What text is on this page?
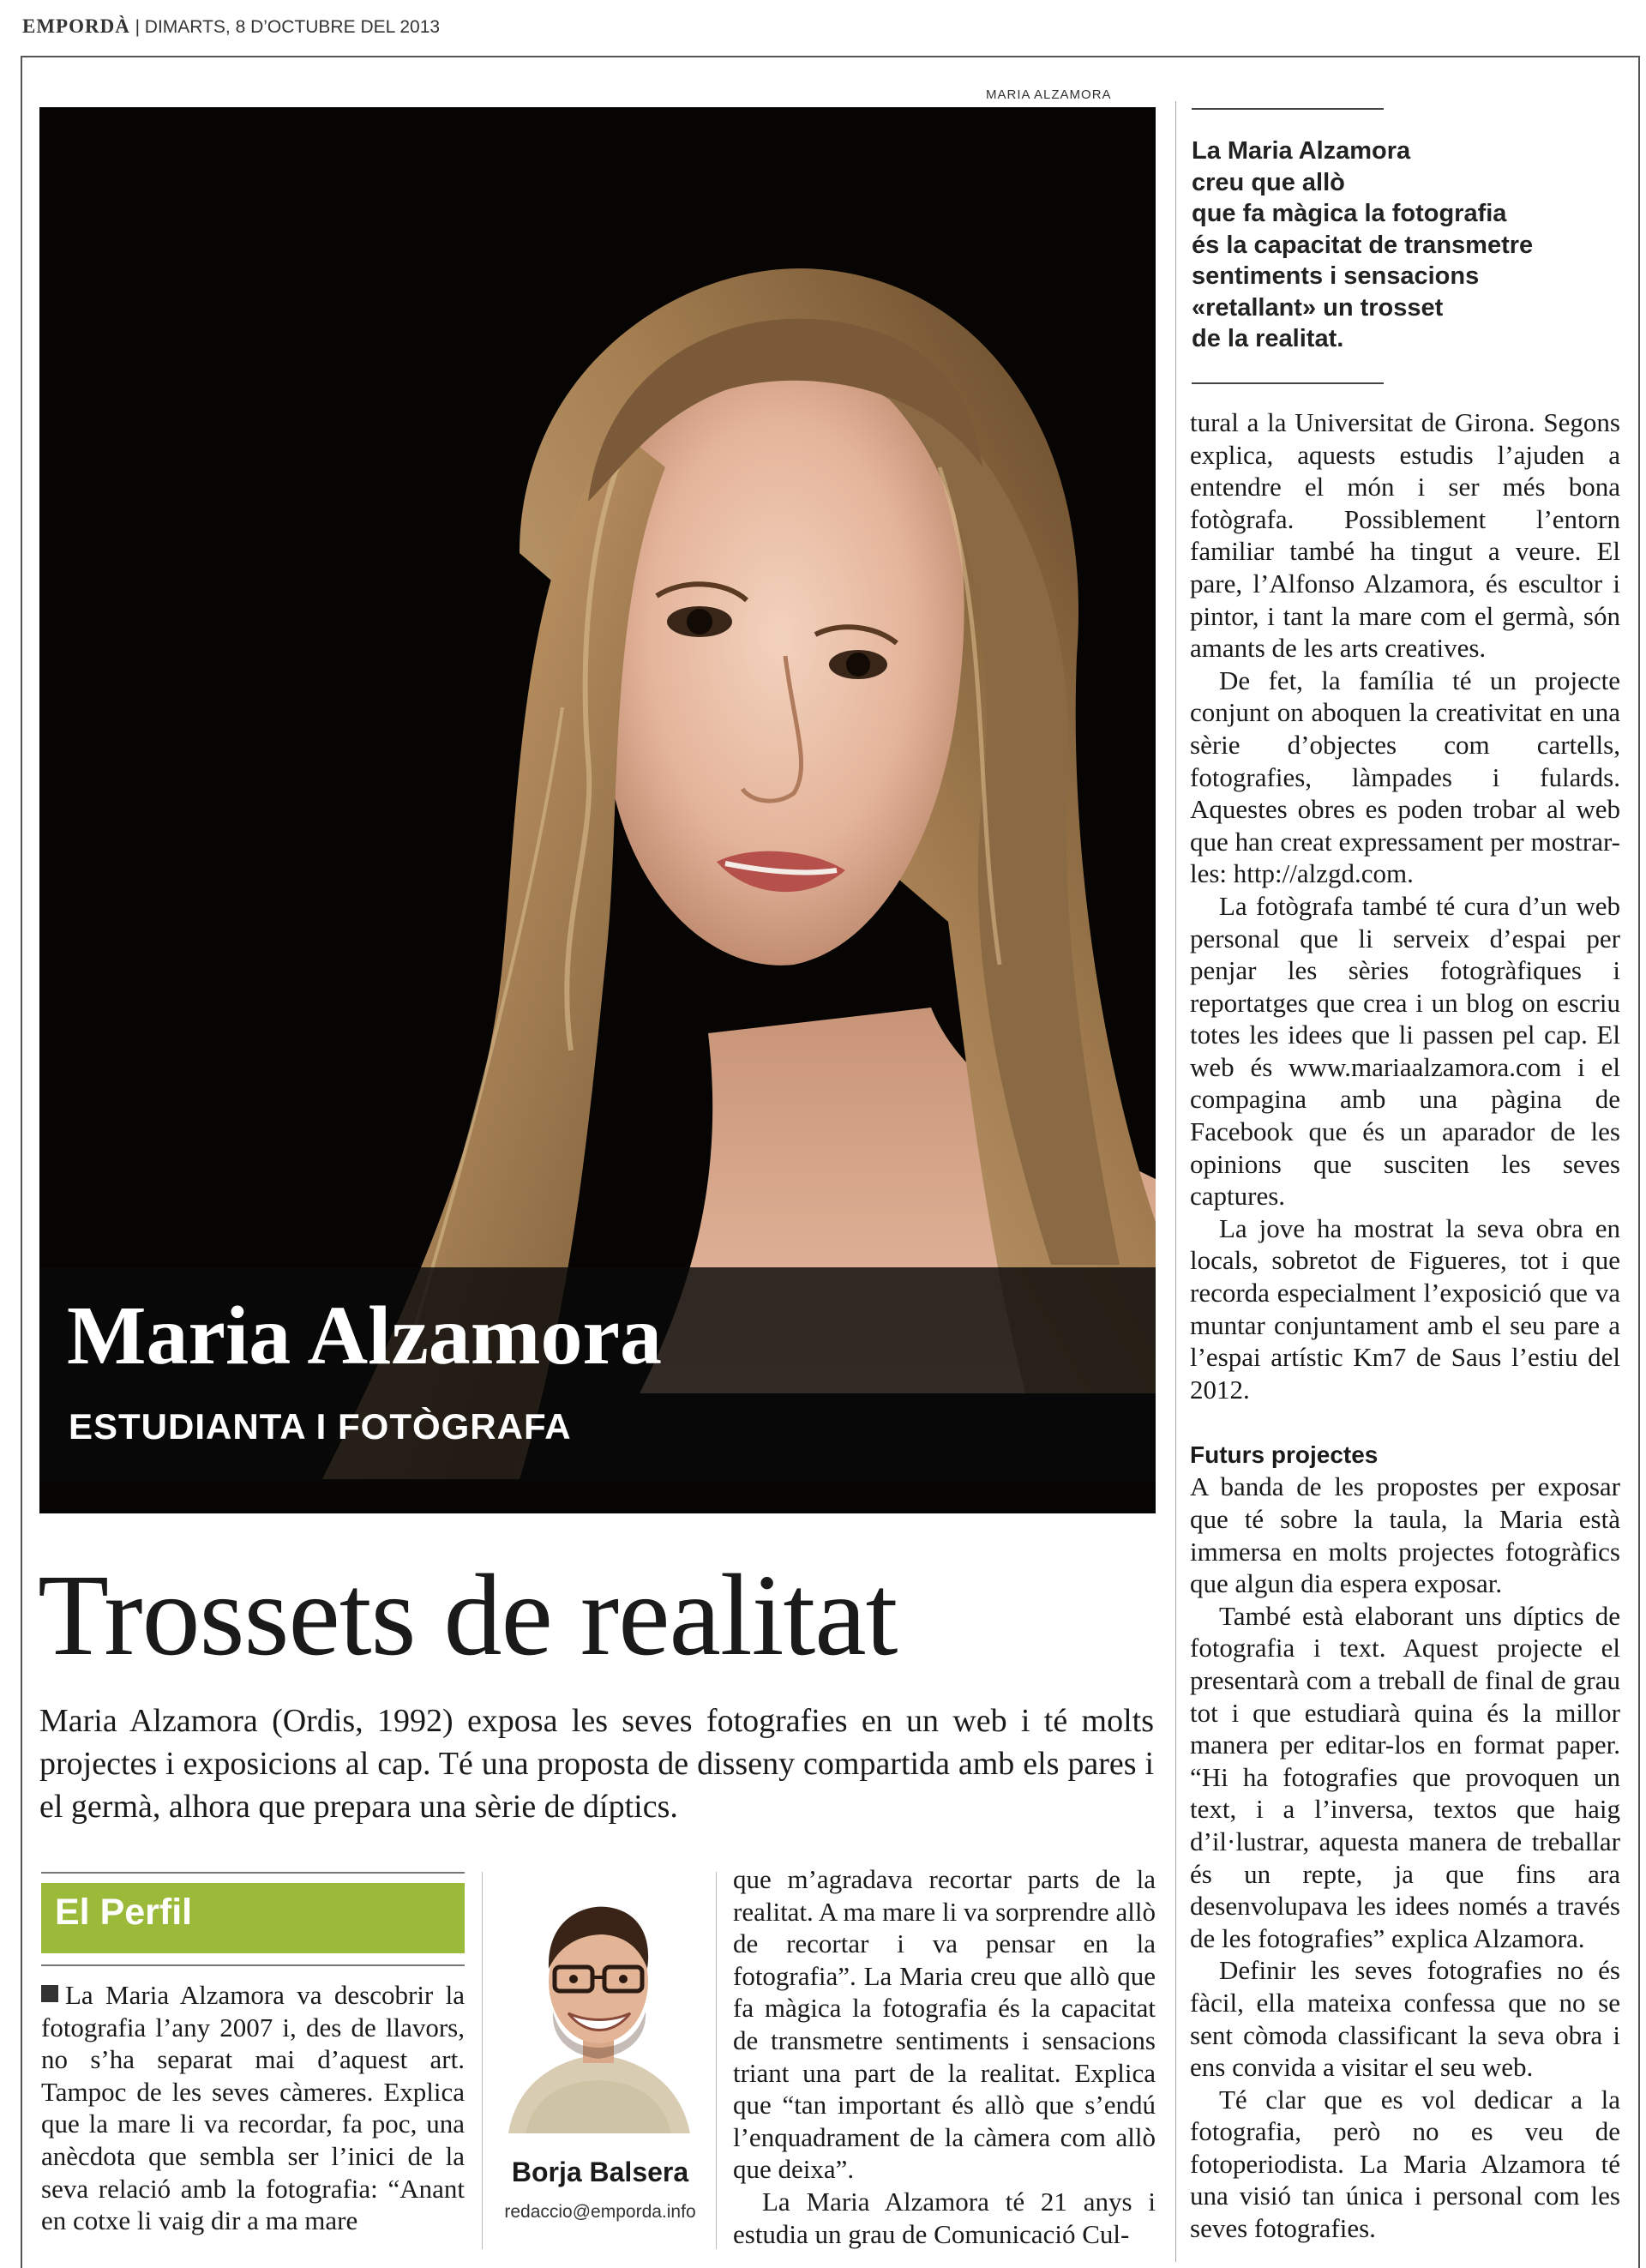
EMPORDÀ | DIMARTS, 8 D’OCTUBRE DEL 2013
MARIA ALZAMORA
Maria Alzamora
ESTUDIANTA I FOTÒGRAFA
Trossets de realitat
Maria Alzamora (Ordis, 1992) exposa les seves fotografies en un web i té molts projectes i exposicions al cap. Té una proposta de disseny compartida amb els pares i el germà, alhora que prepara una sèrie de díptics.
El Perfil

La Maria Alzamora va descobrir la fotografia l’any 2007 i, des de llavors, no s’ha separat mai d’aquest art. Tampoc de les seves càmeres. Explica que la mare li va recordar, fa poc, una anècdota que sembla ser l’inici de la seva relació amb la fotografia: “Anant en cotxe li vaig dir a ma mare

Borja Balsera
redaccio@emporda.info

que m’agradava recortar parts de la realitat. A ma mare li va sorprendre allò de recortar i va pensar en la fotografia”. La Maria creu que allò que fa màgica la fotografia és la capacitat de transmetre sentiments i sensacions triant una part de la realitat. Explica que “tan important és allò que s’endú l’enquadrament de la càmera com allò que deixa”.

La Maria Alzamora té 21 anys i estudia un grau de Comunicació Cul-

La Maria Alzamora
creu que allò
que fa màgica la fotografia
és la capacitat de transmetre
sentiments i sensacions
«retallant» un trosset
de la realitat.

tural a la Universitat de Girona. Segons explica, aquests estudis l’ajuden a entendre el món i ser més bona fotògrafa. Possiblement l’entorn familiar també ha tingut a veure. El pare, l’Alfonso Alzamora, és escultor i pintor, i tant la mare com el germà, són amants de les arts creatives.

De fet, la família té un projecte conjunt on aboquen la creativitat en una sèrie d’objectes com cartells, fotografies, làmpades i fulards. Aquestes obres es poden trobar al web que han creat expressament per mostrar-les: http://alzgd.com.

La fotògrafa també té cura d’un web personal que li serveix d’espai per penjar les sèries fotogràfiques i reportatges que crea i un blog on escriu totes les idees que li passen pel cap. El web és www.mariaalzamora.com i el compagina amb una pàgina de Facebook que és un aparador de les opinions que susciten les seves captures.

La jove ha mostrat la seva obra en locals, sobretot de Figueres, tot i que recorda especialment l’exposició que va muntar conjuntament amb el seu pare a l’espai artístic Km7 de Saus l’estiu del 2012.

Futurs projectes

A banda de les propostes per exposar que té sobre la taula, la Maria està immersa en molts projectes fotogràfics que algun dia espera exposar.

També està elaborant uns díptics de fotografia i text. Aquest projecte el presentarà com a treball de final de grau tot i que estudiarà quina és la millor manera per editar-los en format paper. “Hi ha fotografies que provoquen un text, i a l’inversa, textos que haig d’il·lustrar, aquesta manera de treballar és un repte, ja que fins ara desenvolupava les idees només a través de les fotografies” explica Alzamora.

Definir les seves fotografies no és fàcil, ella mateixa confessa que no se sent còmoda classificant la seva obra i ens convida a visitar el seu web.

Té clar que es vol dedicar a la fotografia, però no es veu de fotoperiodista. La Maria Alzamora té una visió tan única i personal com les seves fotografies.
